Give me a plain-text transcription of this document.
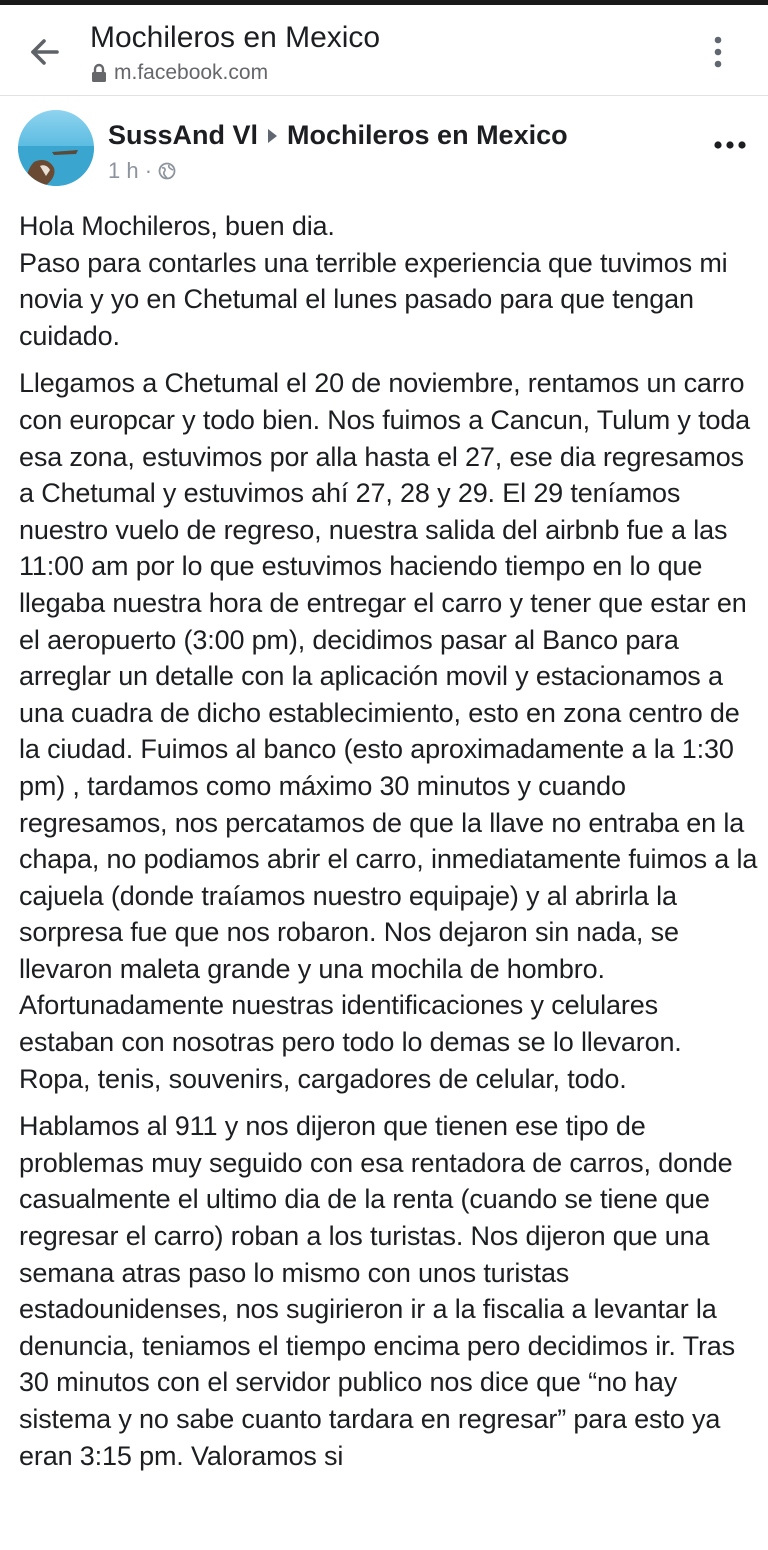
Mochileros en Mexico
m.facebook.com
SussAnd Vl Mochileros en Mexico
1 h ·

Hola Mochileros, buen dia.
Paso para contarles una terrible experiencia que tuvimos mi novia y yo en Chetumal el lunes pasado para que tengan cuidado.

Llegamos a Chetumal el 20 de noviembre, rentamos un carro con europcar y todo bien. Nos fuimos a Cancun, Tulum y toda esa zona, estuvimos por alla hasta el 27, ese dia regresamos a Chetumal y estuvimos ahí 27, 28 y 29. El 29 teníamos nuestro vuelo de regreso, nuestra salida del airbnb fue a las 11:00 am por lo que estuvimos haciendo tiempo en lo que llegaba nuestra hora de entregar el carro y tener que estar en el aeropuerto (3:00 pm), decidimos pasar al Banco para arreglar un detalle con la aplicación movil y estacionamos a una cuadra de dicho establecimiento, esto en zona centro de la ciudad. Fuimos al banco (esto aproximadamente a la 1:30 pm) , tardamos como máximo 30 minutos y cuando regresamos, nos percatamos de que la llave no entraba en la chapa, no podiamos abrir el carro, inmediatamente fuimos a la cajuela (donde traíamos nuestro equipaje) y al abrirla la sorpresa fue que nos robaron. Nos dejaron sin nada, se llevaron maleta grande y una mochila de hombro. Afortunadamente nuestras identificaciones y celulares estaban con nosotras pero todo lo demas se lo llevaron. Ropa, tenis, souvenirs, cargadores de celular, todo.

Hablamos al 911 y nos dijeron que tienen ese tipo de problemas muy seguido con esa rentadora de carros, donde casualmente el ultimo dia de la renta (cuando se tiene que regresar el carro) roban a los turistas. Nos dijeron que una semana atras paso lo mismo con unos turistas estadounidenses, nos sugirieron ir a la fiscalia a levantar la denuncia, teniamos el tiempo encima pero decidimos ir. Tras 30 minutos con el servidor publico nos dice que “no hay sistema y no sabe cuanto tardara en regresar” para esto ya eran 3:15 pm. Valoramos si
